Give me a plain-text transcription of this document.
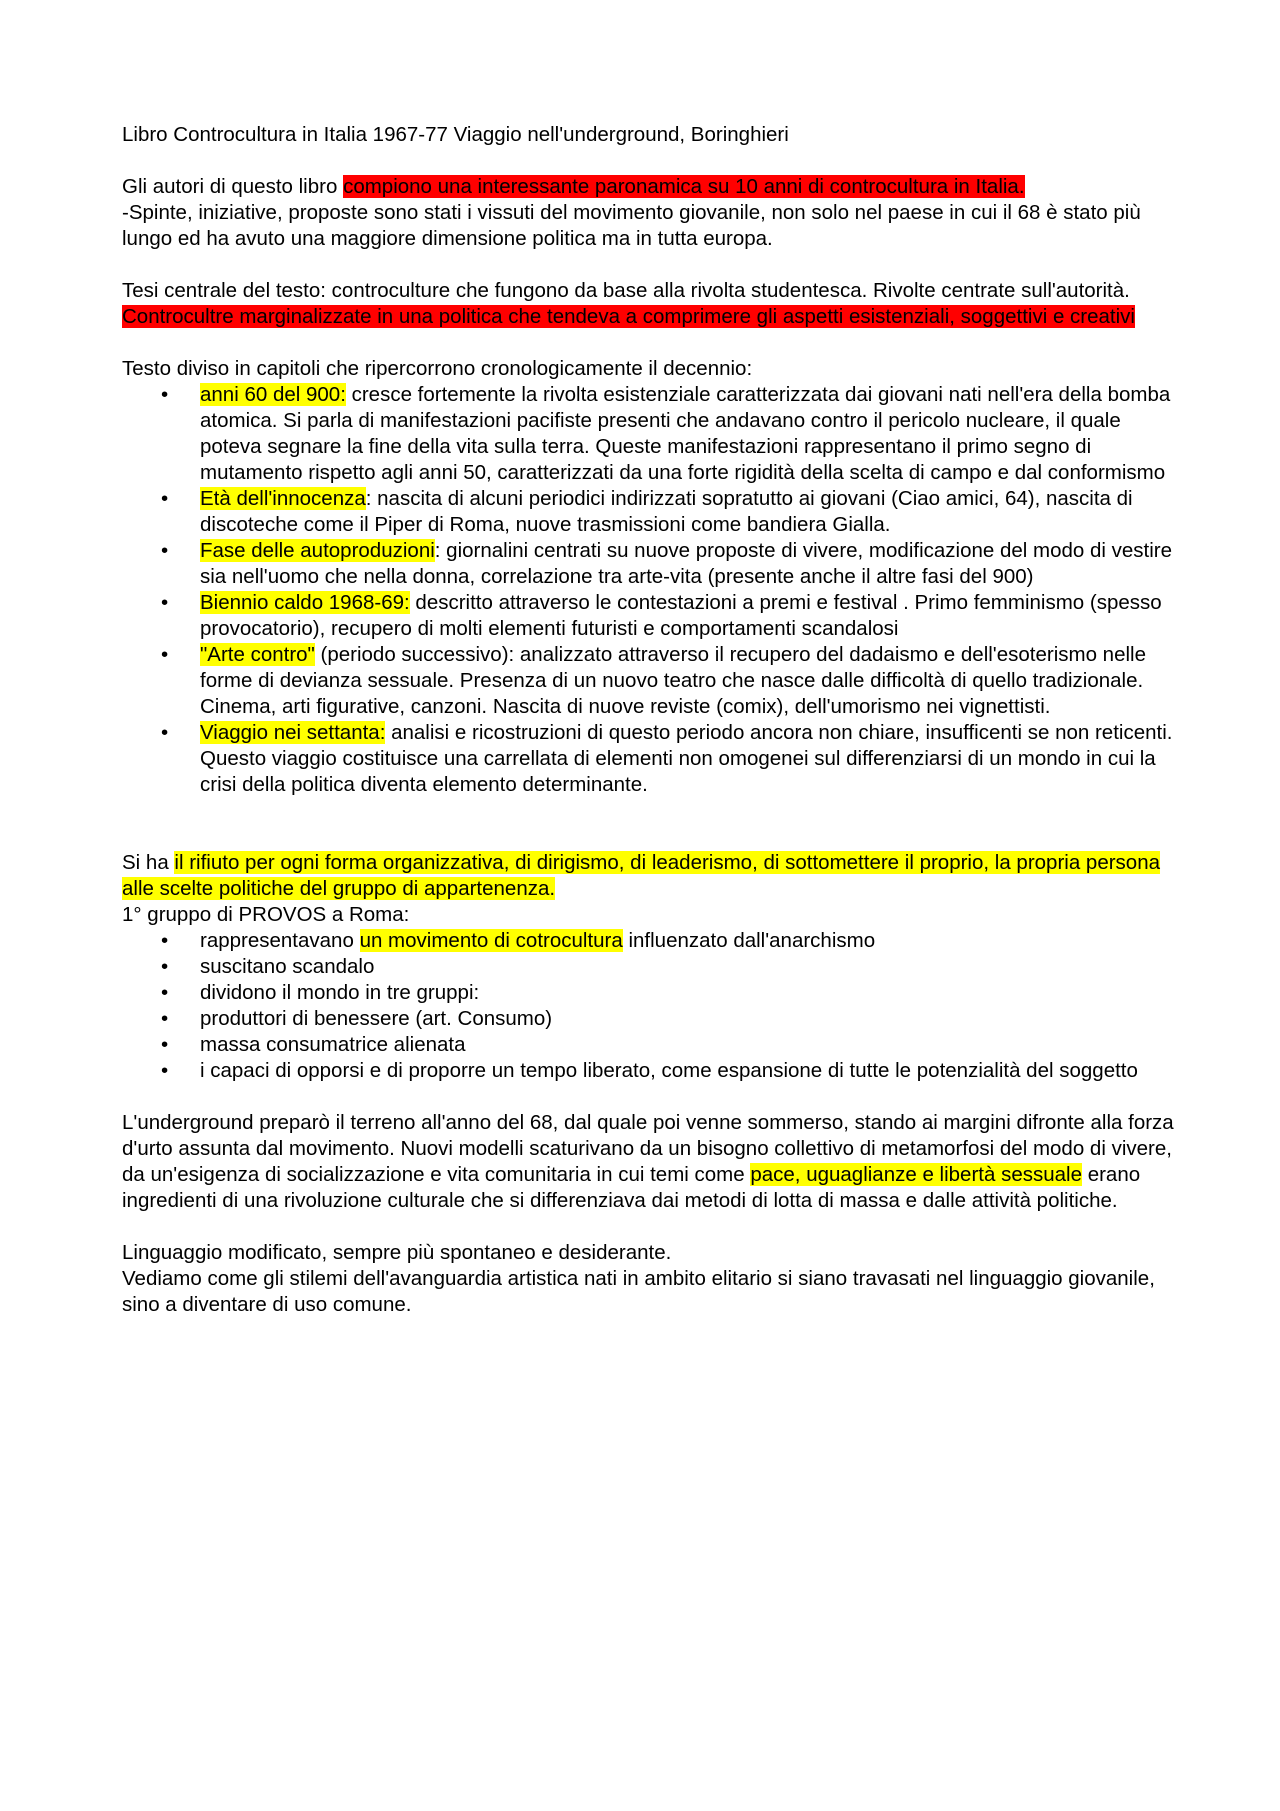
Libro Controcultura in Italia 1967-77 Viaggio nell'underground, Boringhieri

Gli autori di questo libro compiono una interessante paronamica su 10 anni di controcultura in Italia.

-Spinte, iniziative, proposte sono stati i vissuti del movimento giovanile, non solo nel paese in cui il 68 è stato più lungo ed ha avuto una maggiore dimensione politica ma in tutta europa.

Tesi centrale del testo: controculture che fungono da base alla rivolta studentesca. Rivolte centrate sull'autorità. Controcultre marginalizzate in una politica che tendeva a comprimere gli aspetti esistenziali, soggettivi e creativi

Testo diviso in capitoli che ripercorrono cronologicamente il decennio:

• anni 60 del 900: cresce fortemente la rivolta esistenziale caratterizzata dai giovani nati nell'era della bomba atomica. Si parla di manifestazioni pacifiste presenti che andavano contro il pericolo nucleare, il quale poteva segnare la fine della vita sulla terra. Queste manifestazioni rappresentano il primo segno di mutamento rispetto agli anni 50, caratterizzati da una forte rigidità della scelta di campo e dal conformismo
• Età dell'innocenza: nascita di alcuni periodici indirizzati sopratutto ai giovani (Ciao amici, 64), nascita di discoteche come il Piper di Roma, nuove trasmissioni come bandiera Gialla.
• Fase delle autoproduzioni: giornalini centrati su nuove proposte di vivere, modificazione del modo di vestire sia nell'uomo che nella donna, correlazione tra arte-vita (presente anche il altre fasi del 900)
• Biennio caldo 1968-69: descritto attraverso le contestazioni a premi e festival . Primo femminismo (spesso provocatorio), recupero di molti elementi futuristi e comportamenti scandalosi
• "Arte contro" (periodo successivo): analizzato attraverso il recupero del dadaismo e dell'esoterismo nelle forme di devianza sessuale. Presenza di un nuovo teatro che nasce dalle difficoltà di quello tradizionale. Cinema, arti figurative, canzoni. Nascita di nuove reviste (comix), dell'umorismo nei vignettisti.
• Viaggio nei settanta: analisi e ricostruzioni di questo periodo ancora non chiare, insufficenti se non reticenti. Questo viaggio costituisce una carrellata di elementi non omogenei sul differenziarsi di un mondo in cui la crisi della politica diventa elemento determinante.

Si ha il rifiuto per ogni forma organizzativa, di dirigismo, di leaderismo, di sottomettere il proprio, la propria persona alle scelte politiche del gruppo di appartenenza.

1° gruppo di PROVOS a Roma:

• rappresentavano un movimento di cotrocultura influenzato dall'anarchismo
• suscitano scandalo
• dividono il mondo in tre gruppi:
• produttori di benessere (art. Consumo)
• massa consumatrice alienata
• i capaci di opporsi e di proporre un tempo liberato, come espansione di tutte le potenzialità del soggetto

L'underground preparò il terreno all'anno del 68, dal quale poi venne sommerso, stando ai margini difronte alla forza d'urto assunta dal movimento. Nuovi modelli scaturivano da un bisogno collettivo di metamorfosi del modo di vivere, da un'esigenza di socializzazione e vita comunitaria in cui temi come pace, uguaglianze e libertà sessuale erano ingredienti di una rivoluzione culturale che si differenziava dai metodi di lotta di massa e dalle attività politiche.

Linguaggio modificato, sempre più spontaneo e desiderante.

Vediamo come gli stilemi dell'avanguardia artistica nati in ambito elitario si siano travasati nel linguaggio giovanile, sino a diventare di uso comune.
